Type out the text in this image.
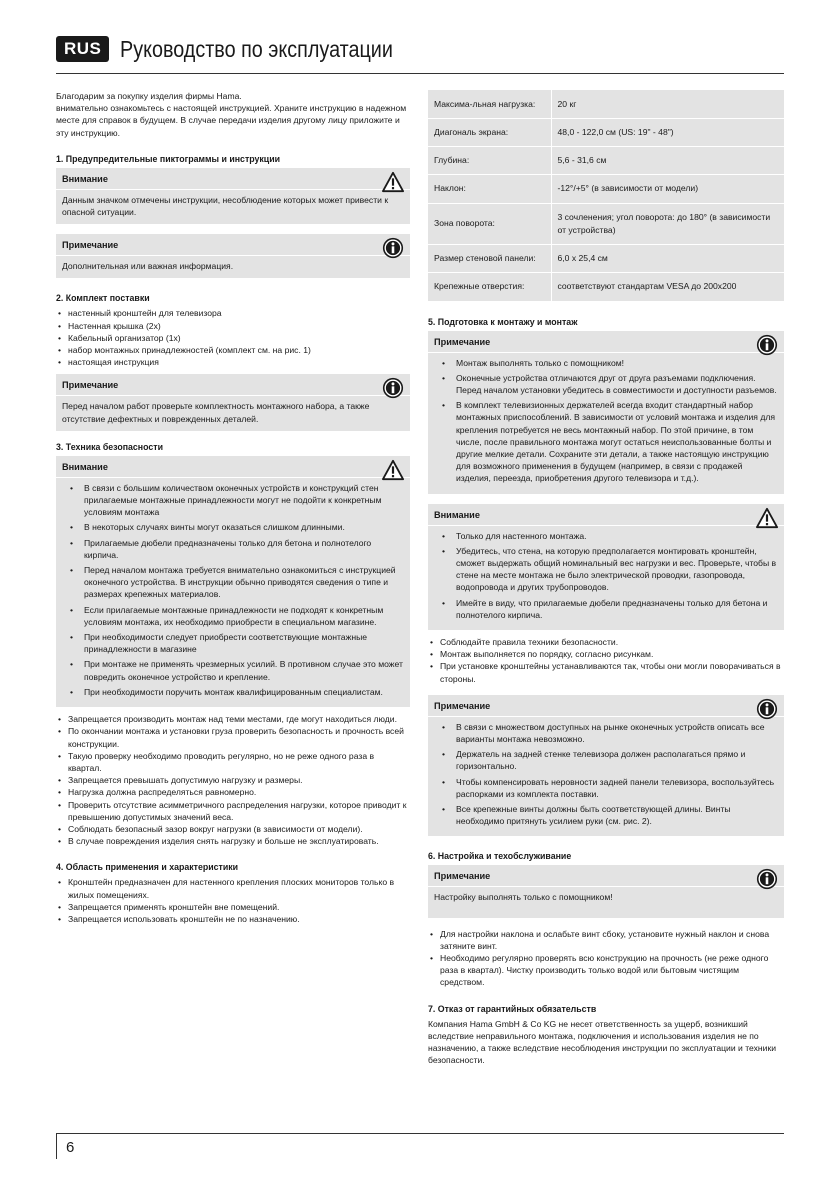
RUS Руководство по эксплуатации

Благодарим за покупку изделия фирмы Hama.

внимательно ознакомьтесь с настоящей инструкцией. Храните инструкцию в надежном месте для справок в будущем. В случае передачи изделия другому лицу приложите и эту инструкцию.

1. Предупредительные пиктограммы и инструкции
Внимание

Данным значком отмечены инструкции, несоблюдение которых может привести к опасной ситуации.

Примечание

Дополнительная или важная информация.

2. Комплект поставки
• настенный кронштейн для телевизора
• Настенная крышка (2x)
• Кабельный организатор (1x)
• набор монтажных принадлежностей (комплект см. на рис. 1)
• настоящая инструкция
Примечание

Перед началом работ проверьте комплектность монтажного набора, а также отсутствие дефектных и поврежденных деталей.

3. Техника безопасности
Внимание
• В связи с большим количеством оконечных устройств и конструкций стен прилагаемые монтажные принадлежности могут не подойти к конкретным условиям монтажа
• В некоторых случаях винты могут оказаться слишком длинными.
• Прилагаемые дюбели предназначены только для бетона и полнотелого кирпича.
• Перед началом монтажа требуется внимательно ознакомиться с инструкцией оконечного устройства. В инструкции обычно приводятся сведения о типе и размерах крепежных материалов.
• Если прилагаемые монтажные принадлежности не подходят к конкретным условиям монтажа, их необходимо приобрести в специальном магазине.
• При необходимости следует приобрести соответствующие монтажные принадлежности в магазине
• При монтаже не применять чрезмерных усилий. В противном случае это может повредить оконечное устройство и крепление.
• При необходимости поручить монтаж квалифицированным специалистам.
• Запрещается производить монтаж над теми местами, где могут находиться люди.
• По окончании монтажа и установки груза проверить безопасность и прочность всей конструкции.
• Такую проверку необходимо проводить регулярно, но не реже одного раза в квартал.
• Запрещается превышать допустимую нагрузку и размеры.
• Нагрузка должна распределяться равномерно.
• Проверить отсутствие асимметричного распределения нагрузки, которое приводит к превышению допустимых значений веса.
• Соблюдать безопасный зазор вокруг нагрузки (в зависимости от модели).
• В случае повреждения изделия снять нагрузку и больше не эксплуатировать.
4. Область применения и характеристики
• Кронштейн предназначен для настенного крепления плоских мониторов только в жилых помещениях.
• Запрещается применять кронштейн вне помещений.
• Запрещается использовать кронштейн не по назначению.
Максима-льная нагрузка:	20 кг
Диагональ экрана:	48,0 - 122,0 см (US: 19" - 48")
Глубина:	5,6 - 31,6 см
Наклон:	-12°/+5° (в зависимости от модели)
Зона поворота:	3 сочленения; угол поворота: до 180° (в зависимости от устройства)
Размер стеновой панели:	6,0 x 25,4 см
Крепежные отверстия:	соответствуют стандартам VESA до 200x200
5. Подготовка к монтажу и монтаж
Примечание
• Монтаж выполнять только с помощником!
• Оконечные устройства отличаются друг от друга разъемами подключения. Перед началом установки убедитесь в совместимости и доступности разъемов.
• В комплект телевизионных держателей всегда входит стандартный набор монтажных приспособлений. В зависимости от условий монтажа и изделия для крепления потребуется не весь монтажный набор. По этой причине, в том числе, после правильного монтажа могут остаться неиспользованные болты и другие мелкие детали. Сохраните эти детали, а также настоящую инструкцию для возможного применения в будущем (например, в связи с продажей изделия, переезда, приобретения другого телевизора и т.д.).
Внимание
• Только для настенного монтажа.
• Убедитесь, что стена, на которую предполагается монтировать кронштейн, сможет выдержать общий номинальный вес нагрузки и вес. Проверьте, чтобы в стене на месте монтажа не было электрической проводки, газопровода, водопровода и других трубопроводов.
• Имейте в виду, что прилагаемые дюбели предназначены только для бетона и полнотелого кирпича.
• Соблюдайте правила техники безопасности.
• Монтаж выполняется по порядку, согласно рисункам.
• При установке кронштейны устанавливаются так, чтобы они могли поворачиваться в стороны.
Примечание
• В связи с множеством доступных на рынке оконечных устройств описать все варианты монтажа невозможно.
• Держатель на задней стенке телевизора должен располагаться прямо и горизонтально.
• Чтобы компенсировать неровности задней панели телевизора, воспользуйтесь распорками из комплекта поставки.
• Все крепежные винты должны быть соответствующей длины. Винты необходимо притянуть усилием руки (см. рис. 2).
6. Настройка и техобслуживание
Примечание

Настройку выполнять только с помощником!

• Для настройки наклона и ослабьте винт сбоку, установите нужный наклон и снова затяните винт.
• Необходимо регулярно проверять всю конструкцию на прочность (не реже одного раза в квартал). Чистку производить только водой или бытовым чистящим средством.
7. Отказ от гарантийных обязательств

Компания Hama GmbH & Co KG не несет ответственность за ущерб, возникший вследствие неправильного монтажа, подключения и использования изделия не по назначению, а также вследствие несоблюдения инструкции по эксплуатации и техники безопасности.

6
